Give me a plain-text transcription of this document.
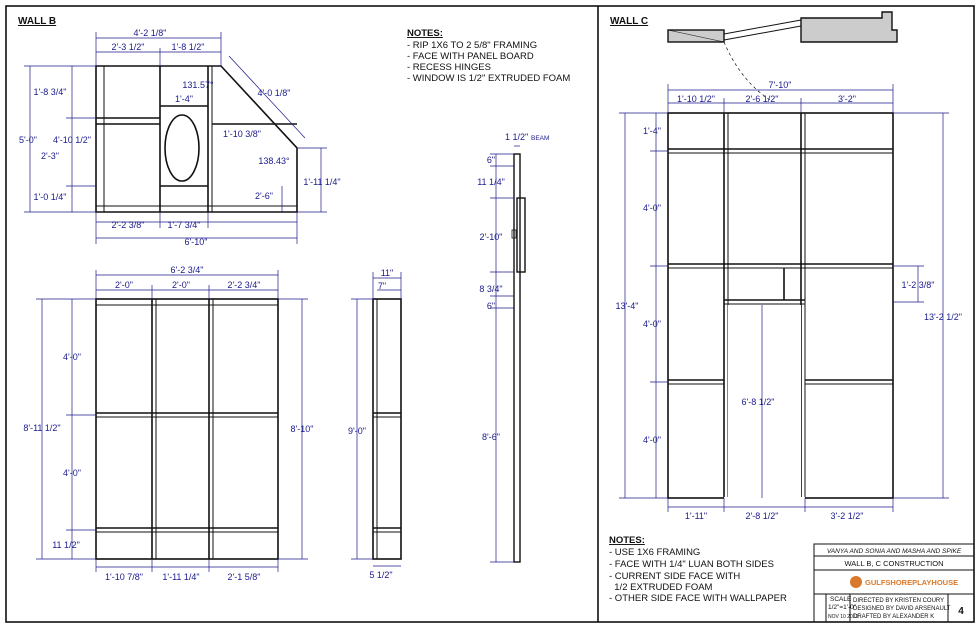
WALL B
4'-2 1/8"
2'-3 1/2"	1'-8 1/2"
131.57°
4'-0 1/8"
1'-4"
1'-8 3/4"
5'-0" 4'-10 1/2"
2'-3"
1'-0 1/4"
1'-10 3/8"
138.43°
2'-6"
1'-11 1/4"
2'-2 3/8"	1'-7 3/4"
6'-10"
NOTES:
- RIP 1X6 TO 2 5/8" FRAMING
- FACE WITH PANEL BOARD
- RECESS HINGES
- WINDOW IS 1/2" EXTRUDED FOAM
6'-2 3/4"
2'-0"	2'-0"	2'-2 3/4"
8'-11 1/2"
4'-0"
4'-0"
11 1/2"
8'-10"
1'-10 7/8" 1'-11 1/4"	2'-1 5/8"
11"
7"
9'-0"
5 1/2"
1 1/2" BEAM
6"
11 1/4"
2'-10"
8 3/4"
6"
8'-6"
WALL C
7'-10"
1'-10 1/2"	2'-6 1/2"	3'-2"
1'-4"
4'-0"
13'-4"
4'-0"
4'-0"
1'-2 3/8"
13'-2 1/2"
6'-8 1/2"
1'-11"	2'-8 1/2"	3'-2 1/2"
NOTES:
- USE 1X6 FRAMING
- FACE WITH 1/4" LUAN BOTH SIDES
- CURRENT SIDE FACE WITH
1/2 EXTRUDED FOAM
- OTHER SIDE FACE WITH WALLPAPER
VANYA AND SONIA AND MASHA AND SPIKE
WALL B, C CONSTRUCTION
GULFSHOREPLAYHOUSE
SCALE
1/2"=1'-0"
NOV 10 2013
DIRECTED BY KRISTEN COURY
DESIGNED BY DAVID ARSENAULT
DRAFTED BY ALEXANDER K 4
